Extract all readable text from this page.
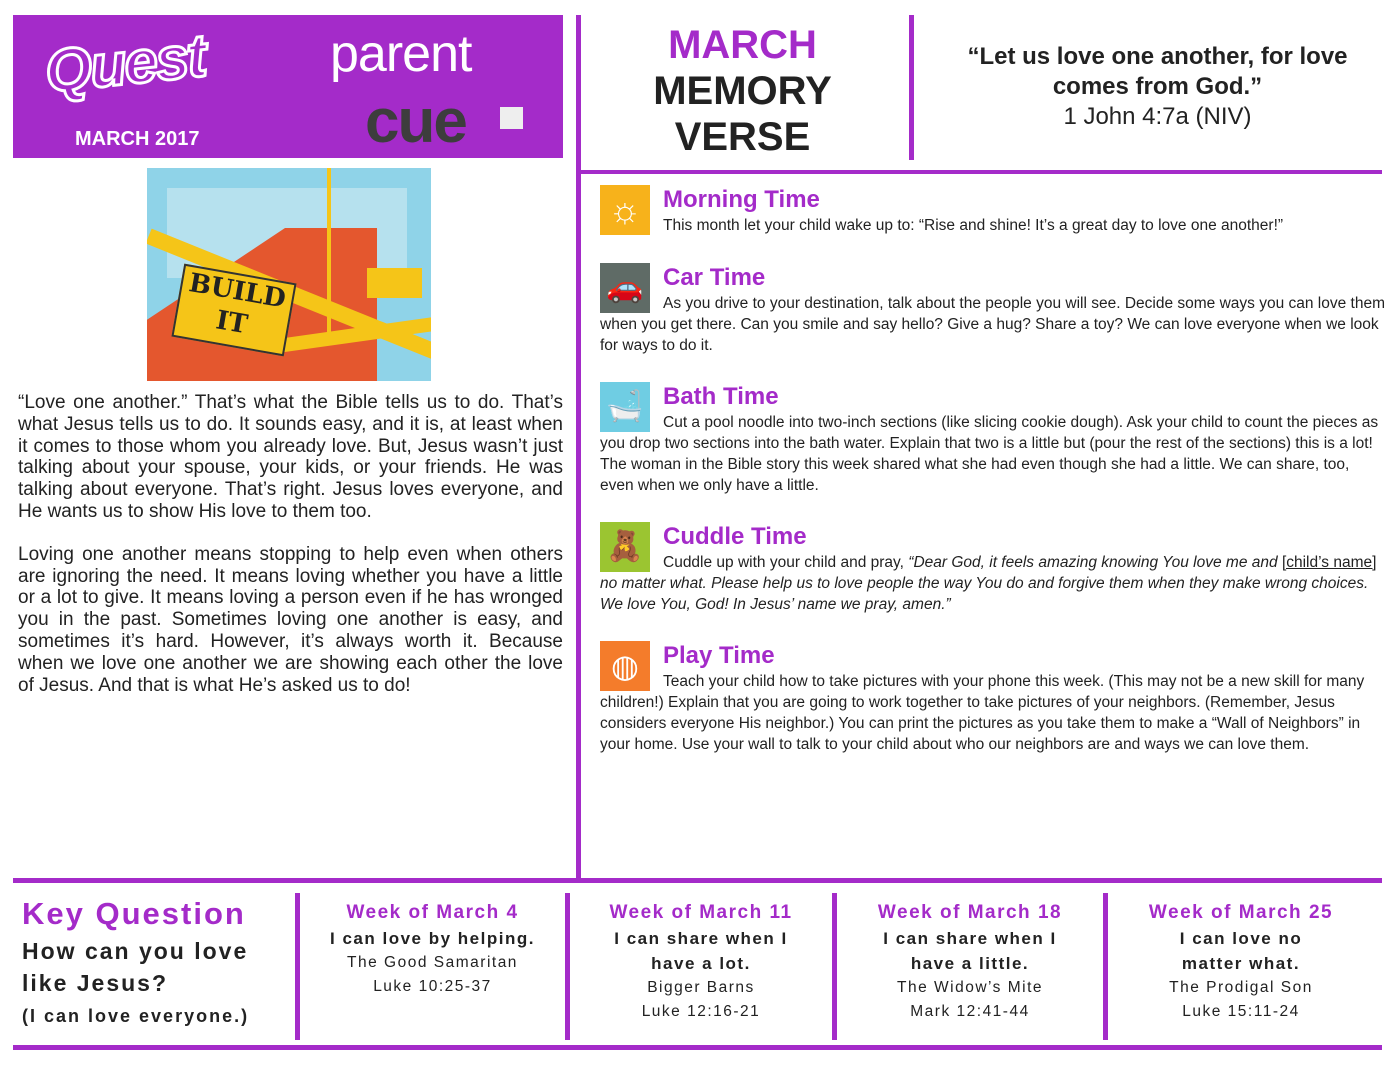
Quest
MARCH 2017
parent
cue
MARCH
MEMORY
VERSE
“Let us love one another, for love
comes from God.”
1 John 4:7a (NIV)
BUILD IT

“Love one another.” That’s what the Bible tells us to do. That’s what Jesus tells us to do. It sounds easy, and it is, at least when it comes to those whom you already love. But, Jesus wasn’t just talking about your spouse, your kids, or your friends. He was talking about everyone. That’s right. Jesus loves everyone, and He wants us to show His love to them too.

Loving one another means stopping to help even when others are ignoring the need. It means loving whether you have a little or a lot to give. It means loving a person even if he has wronged you in the past. Sometimes loving one another is easy, and sometimes it’s hard. However, it’s always worth it. Because when we love one another we are showing each other the love of Jesus. And that is what He’s asked us to do!

☼ Morning Time

This month let your child wake up to: “Rise and shine! It’s a great day to love one another!”

🚗 Car Time

As you drive to your destination, talk about the people you will see. Decide some ways you can love them when you get there. Can you smile and say hello? Give a hug? Share a toy? We can love everyone when we look for ways to do it.

🛁 Bath Time

Cut a pool noodle into two-inch sections (like slicing cookie dough). Ask your child to count the pieces as you drop two sections into the bath water. Explain that two is a little but (pour the rest of the sections) this is a lot! The woman in the Bible story this week shared what she had even though she had a little. We can share, too, even when we only have a little.

🧸 Cuddle Time

Cuddle up with your child and pray, “Dear God, it feels amazing knowing You love me and [child’s name] no matter what. Please help us to love people the way You do and forgive them when they make wrong choices. We love You, God! In Jesus’ name we pray, amen.”

◍	Play Time

Teach your child how to take pictures with your phone this week. (This may not be a new skill for many children!) Explain that you are going to work together to take pictures of your neighbors. (Remember, Jesus considers everyone His neighbor.) You can print the pictures as you take them to make a “Wall of Neighbors” in your home. Use your wall to talk to your child about who our neighbors are and ways we can love them.

Key Question
How can you love
like Jesus?
(I can love everyone.)
Week of March 4
I can love by helping.
The Good Samaritan
Luke 10:25-37
Week of March 11
I can share when I
have a lot.
Bigger Barns
Luke 12:16-21
Week of March 18
I can share when I
have a little.
The Widow’s Mite
Mark 12:41-44
Week of March 25
I can love no
matter what.
The Prodigal Son
Luke 15:11-24
